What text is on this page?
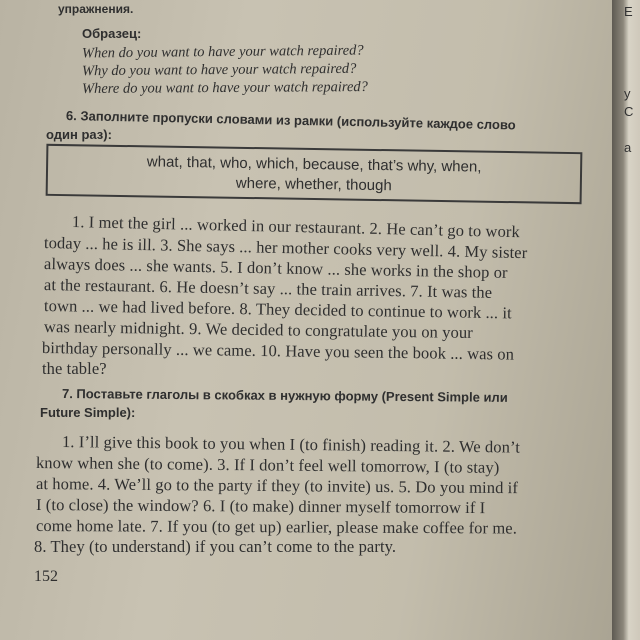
упражнения.
Образец:
When do you want to have your watch repaired?
Why do you want to have your watch repaired?
Where do you want to have your watch repaired?
6. Заполните пропуски словами из рамки (используйте каждое слово
один раз):
what, that, who, which, because, that’s why, when,
where, whether, though
1. I met the girl ... worked in our restaurant. 2. He can’t go to work
today ... he is ill. 3. She says ... her mother cooks very well. 4. My sister
always does ... she wants. 5. I don’t know ... she works in the shop or
at the restaurant. 6. He doesn’t say ... the train arrives. 7. It was the
town ... we had lived before. 8. They decided to continue to work ... it
was nearly midnight. 9. We decided to congratulate you on your
birthday personally ... we came. 10. Have you seen the book ... was on
the table?
7. Поставьте глаголы в скобках в нужную форму (Present Simple или
Future Simple):
1. I’ll give this book to you when I (to finish) reading it. 2. We don’t
know when she (to come). 3. If I don’t feel well tomorrow, I (to stay)
at home. 4. We’ll go to the party if they (to invite) us. 5. Do you mind if
I (to close) the window? 6. I (to make) dinner myself tomorrow if I
come home late. 7. If you (to get up) earlier, please make coffee for me.
8. They (to understand) if you can’t come to the party.
152
Е
у
С
а
